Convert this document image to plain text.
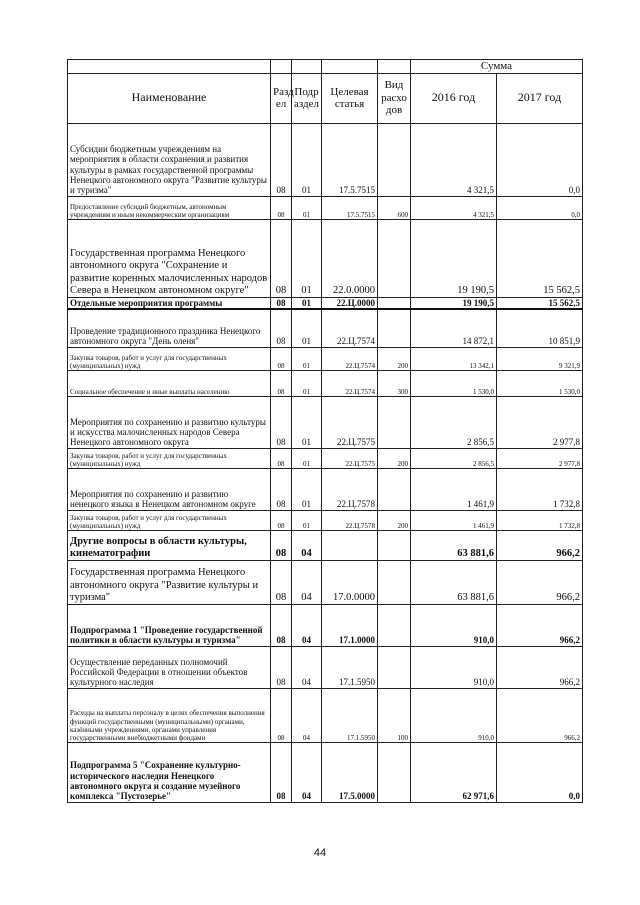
					Сумма	
Наименование	Разд ел	Подр аздел	Целевая статья	Вид расхо дов	2016 год	2017 год
Субсидии бюджетным учреждениям на мероприятия в области сохранения и развития культуры в рамках государственной программы Ненецкого автономного округа "Развитие культуры и туризма"	08	01	17.5.7515		4 321,5	0,0
Предоставление субсидий бюджетным, автономным учреждениям и иным некоммерческим организациям	08	01	17.5.7515	600	4 321,5	0,0
Государственная программа Ненецкого автономного округа "Сохранение и развитие коренных малочисленных народов Севера в Ненецком автономном округе"	08	01	22.0.0000		19 190,5	15 562,5
Отдельные мероприятия программы	08	01	22.Ц.0000		19 190,5	15 562,5
Проведение традиционного праздника Ненецкого автономного округа "День оленя"	08	01	22.Ц.7574		14 872,1	10 851,9
Закупка товаров, работ и услуг для государственных (муниципальных) нужд	08	01	22.Ц.7574	200	13 342,1	9 321,9
Социальное обеспечение и иные выплаты населению	08	01	22.Ц.7574	300	1 530,0	1 530,0
Мероприятия по сохранению и развитию культуры и искусства малочисленных народов Севера Ненецкого автономного округа	08	01	22.Ц.7575		2 856,5	2 977,8
Закупка товаров, работ и услуг для государственных (муниципальных) нужд	08	01	22.Ц.7575	200	2 856,5	2 977,8
Мероприятия по сохранению и развитию ненецкого языка в Ненецком автономном округе	08	01	22.Ц.7578		1 461,9	1 732,8
Закупка товаров, работ и услуг для государственных (муниципальных) нужд	08	01	22.Ц.7578	200	1 461,9	1 732,8
Другие вопросы в области культуры, кинематографии	08	04			63 881,6	966,2
Государственная программа Ненецкого автономного округа "Развитие культуры и туризма"	08	04	17.0.0000		63 881,6	966,2
Подпрограмма 1 "Проведение государственной политики в области культуры и туризма"	08	04	17.1.0000		910,0	966,2
Осуществление переданных полномочий Российской Федерации в отношении объектов культурного наследия	08	04	17.1.5950		910,0	966,2
Расходы на выплаты персоналу в целях обеспечения выполнения функций государственными (муниципальными) органами, казёнными учреждениями, органами управления государственными внебюджетными фондами	08	04	17.1.5950	100	910,0	966,2
Подпрограмма 5 "Сохранение культурно-исторического наследия Ненецкого автономного округа и создание музейного комплекса "Пустозерье"	08	04	17.5.0000		62 971,6	0,0
44
